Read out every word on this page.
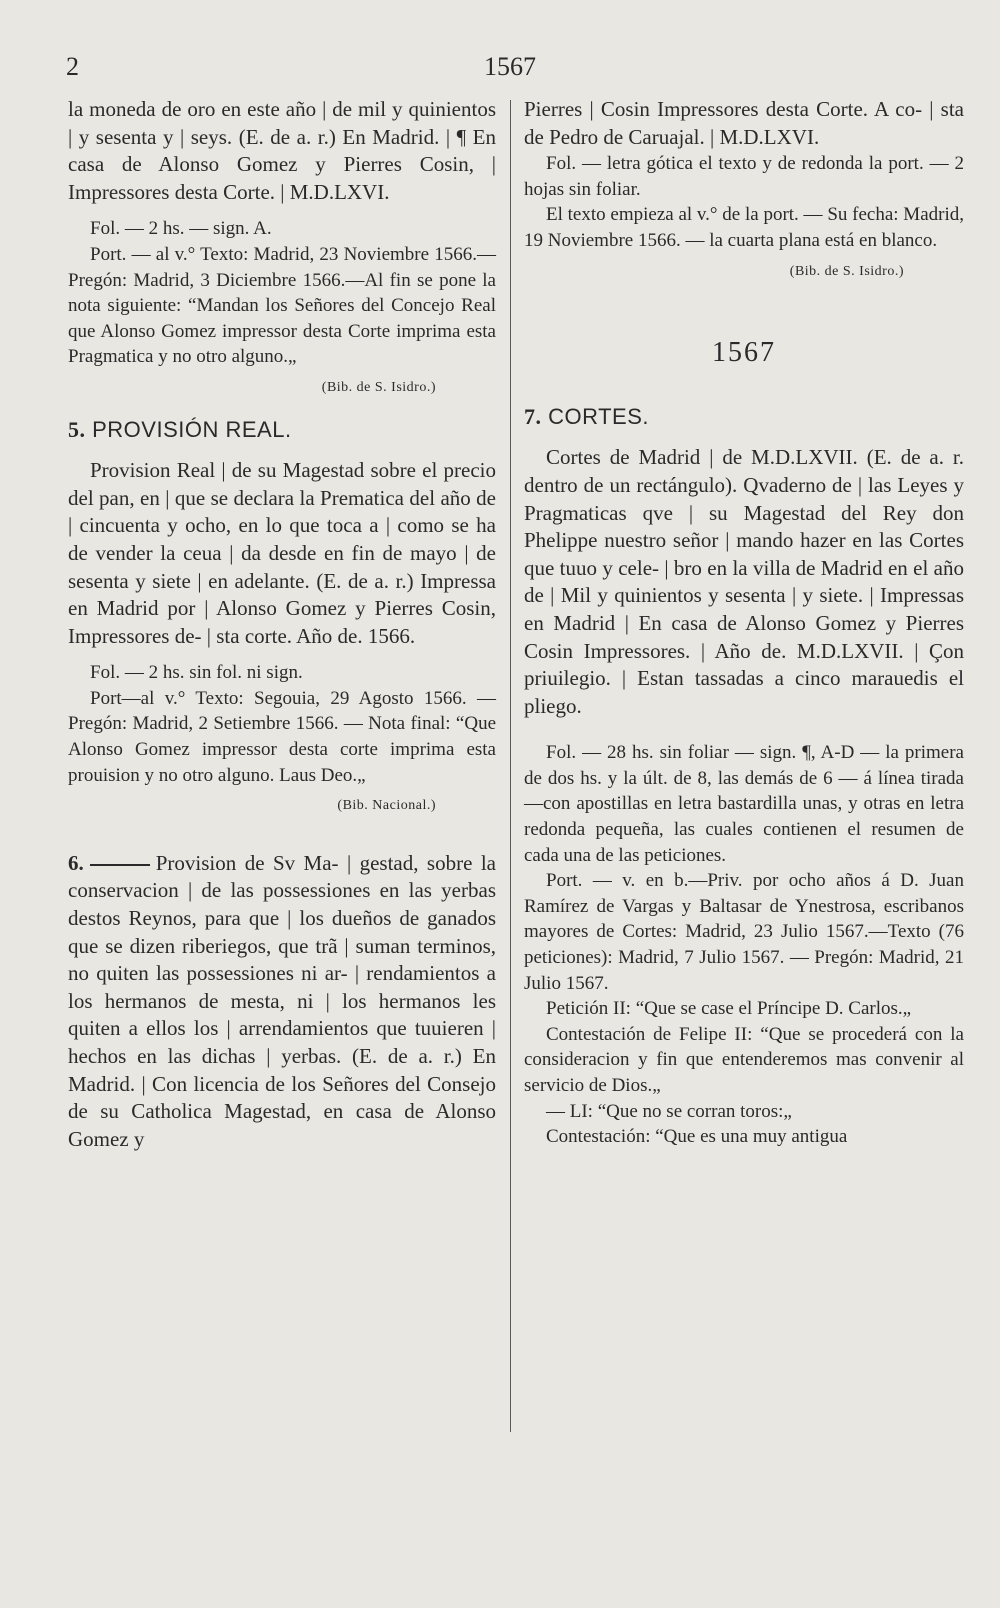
2	1567

la moneda de oro en este año | de mil y quinientos | y sesenta y | seys. (E. de a. r.) En Madrid. | ¶ En casa de Alonso Gomez y Pierres Cosin, | Impressores desta Corte. | M.D.LXVI.

Fol. — 2 hs. — sign. A.

Port. — al v.° Texto: Madrid, 23 Noviembre 1566.—Pregón: Madrid, 3 Diciembre 1566.—Al fin se pone la nota siguiente: “Mandan los Señores del Concejo Real que Alonso Gomez impressor desta Corte imprima esta Pragmatica y no otro alguno.„

(Bib. de S. Isidro.)

5. PROVISIÓN REAL.

Provision Real | de su Magestad sobre el precio del pan, en | que se declara la Prematica del año de | cincuenta y ocho, en lo que toca a | como se ha de vender la ceua | da desde en fin de mayo | de sesenta y siete | en adelante. (E. de a. r.) Impressa en Madrid por | Alonso Gomez y Pierres Cosin, Impressores de- | sta corte. Año de. 1566.

Fol. — 2 hs. sin fol. ni sign.

Port—al v.° Texto: Segouia, 29 Agosto 1566. — Pregón: Madrid, 2 Setiembre 1566. — Nota final: “Que Alonso Gomez impressor desta corte imprima esta prouision y no otro alguno. Laus Deo.„

(Bib. Nacional.)

6.	Provision de Sv Ma- | gestad, sobre la conservacion | de las possessiones en las yerbas destos Reynos, para que | los dueños de ganados que se dizen riberiegos, que trã | suman terminos, no quiten las possessiones ni ar- | rendamientos a los hermanos de mesta, ni | los hermanos les quiten a ellos los | arrendamientos que tuuieren | hechos en las dichas | yerbas. (E. de a. r.) En Madrid. | Con licencia de los Señores del Consejo de su Catholica Magestad, en casa de Alonso Gomez y

Pierres | Cosin Impressores desta Corte. A co- | sta de Pedro de Caruajal. | M.D.LXVI.

Fol. — letra gótica el texto y de redonda la port. — 2 hojas sin foliar.

El texto empieza al v.° de la port. — Su fecha: Madrid, 19 Noviembre 1566. — la cuarta plana está en blanco.

(Bib. de S. Isidro.)

1567
7. CORTES.

Cortes de Madrid | de M.D.LXVII. (E. de a. r. dentro de un rectángulo). Qvaderno de | las Leyes y Pragmaticas qve | su Magestad del Rey don Phelippe nuestro señor | mando hazer en las Cortes que tuuo y cele- | bro en la villa de Madrid en el año de | Mil y quinientos y sesenta | y siete. | Impressas en Madrid | En casa de Alonso Gomez y Pierres Cosin Impressores. | Año de. M.D.LXVII. | Çon priuilegio. | Estan tassadas a cinco marauedis el pliego.

Fol. — 28 hs. sin foliar — sign. ¶, A-D — la primera de dos hs. y la últ. de 8, las demás de 6 — á línea tirada—con apostillas en letra bastardilla unas, y otras en letra redonda pequeña, las cuales contienen el resumen de cada una de las peticiones.

Port. — v. en b.—Priv. por ocho años á D. Juan Ramírez de Vargas y Baltasar de Ynestrosa, escribanos mayores de Cortes: Madrid, 23 Julio 1567.—Texto (76 peticiones): Madrid, 7 Julio 1567. — Pregón: Madrid, 21 Julio 1567.

Petición II: “Que se case el Príncipe D. Carlos.„

Contestación de Felipe II: “Que se procederá con la consideracion y fin que entenderemos mas convenir al servicio de Dios.„

— LI: “Que no se corran toros:„

Contestación: “Que es una muy antigua
